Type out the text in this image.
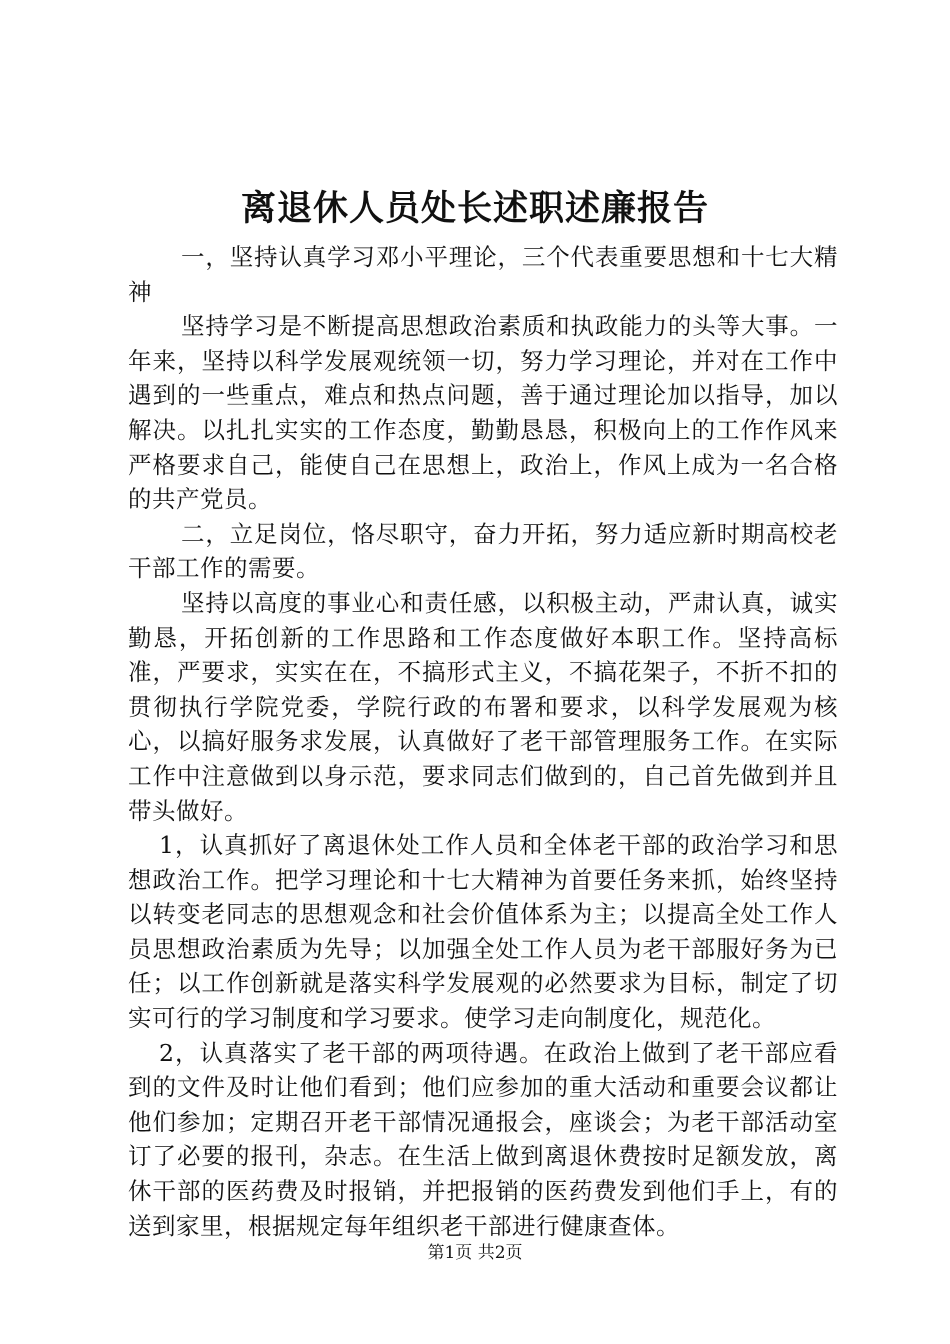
离退休人员处长述职述廉报告

一，坚持认真学习邓小平理论，三个代表重要思想和十七大精神

坚持学习是不断提高思想政治素质和执政能力的头等大事。一年来，坚持以科学发展观统领一切，努力学习理论，并对在工作中遇到的一些重点，难点和热点问题，善于通过理论加以指导，加以解决。以扎扎实实的工作态度，勤勤恳恳，积极向上的工作作风来严格要求自己，能使自己在思想上，政治上，作风上成为一名合格的共产党员。

二，立足岗位，恪尽职守，奋力开拓，努力适应新时期高校老干部工作的需要。

坚持以高度的事业心和责任感，以积极主动，严肃认真，诚实勤恳，开拓创新的工作思路和工作态度做好本职工作。坚持高标准，严要求，实实在在，不搞形式主义，不搞花架子，不折不扣的贯彻执行学院党委，学院行政的布署和要求，以科学发展观为核心，以搞好服务求发展，认真做好了老干部管理服务工作。在实际工作中注意做到以身示范，要求同志们做到的，自己首先做到并且带头做好。

1，认真抓好了离退休处工作人员和全体老干部的政治学习和思想政治工作。把学习理论和十七大精神为首要任务来抓，始终坚持以转变老同志的思想观念和社会价值体系为主；以提高全处工作人员思想政治素质为先导；以加强全处工作人员为老干部服好务为已任；以工作创新就是落实科学发展观的必然要求为目标，制定了切实可行的学习制度和学习要求。使学习走向制度化，规范化。

2，认真落实了老干部的两项待遇。在政治上做到了老干部应看到的文件及时让他们看到；他们应参加的重大活动和重要会议都让他们参加；定期召开老干部情况通报会，座谈会；为老干部活动室订了必要的报刊，杂志。在生活上做到离退休费按时足额发放，离休干部的医药费及时报销，并把报销的医药费发到他们手上，有的送到家里，根据规定每年组织老干部进行健康查体。

第1页 共2页
